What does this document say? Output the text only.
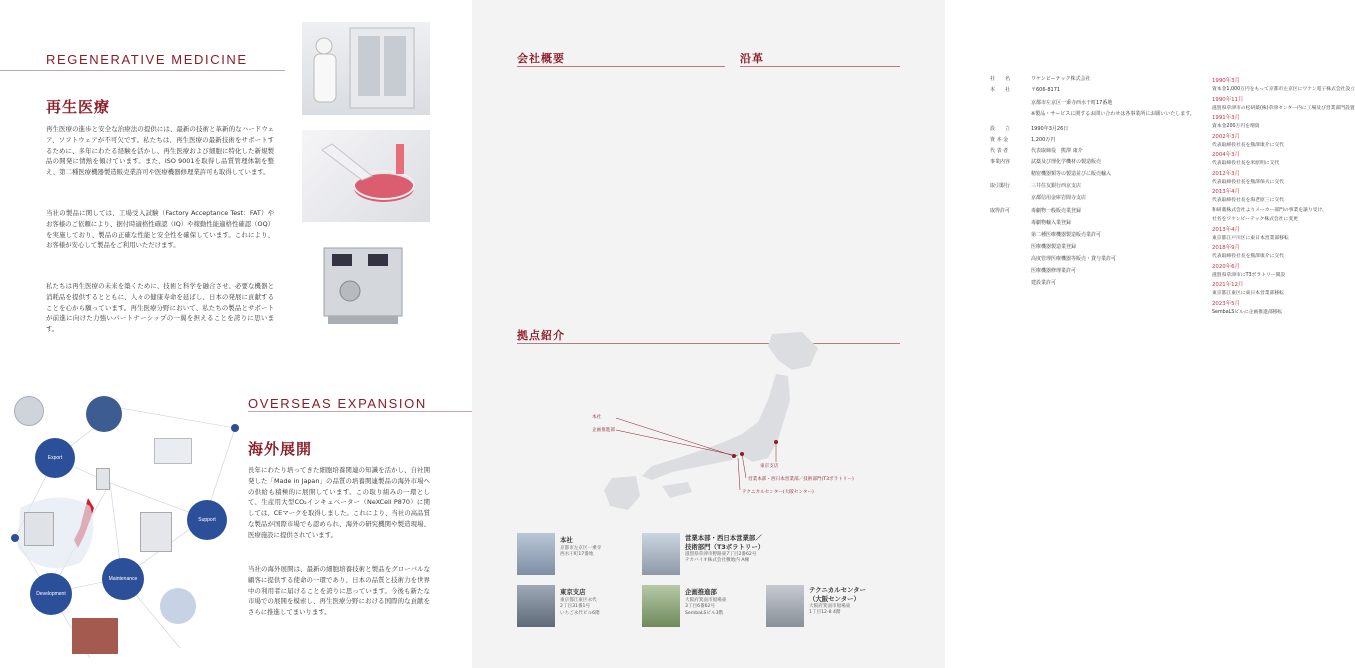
REGENERATIVE MEDICINE
再生医療
再生医療の進歩と安全な治療法の提供には、最新の技術と革新的なハードウェア、ソフトウェアが不可欠です。私たちは、再生医療の最新技術をサポートするために、多年にわたる経験を活かし、再生医療および細胞に特化した新規製品の開発に情熱を傾けています。また、ISO 9001を取得し品質管理体制を整え、第二種医療機器製造販売業許可や医療機器修理業許可も取得しています。
当社の製品に関しては、工場受入試験（Factory Acceptance Test：FAT）やお客様のご依頼により、据付時適格性確認（IQ）や稼動性能適格性確認（OQ）を実施しており、製品の正確な性能と安全性を確保しています。これにより、お客様が安心して製品をご利用いただけます。
私たちは再生医療の未来を築くために、技術と科学を融合させ、必要な機器と消耗品を提供するとともに、人々の健康寿命を延ばし、日本の発展に貢献することを心から願っています。再生医療分野において、私たちの製品とサポートが前進に向けた力強いパートナーシップの一翼を担えることを誇りに思います。
OVERSEAS EXPANSION
海外展開
長年にわたり培ってきた細胞培養関連の知識を活かし、自社開発した「Made in Japan」の品質の培養関連製品の海外市場への供給も積極的に展開しています。この取り組みの一環として、生産用大型CO₂インキュベーター（NeXCell P870）に関しては、CEマークを取得しました。これにより、当社の高品質な製品が国際市場でも認められ、海外の研究機関や製造現場、医療施設に提供されています。
当社の海外展開は、最新の細胞培養技術と製品をグローバルな顧客に提供する使命の一環であり、日本の品質と技術力を世界中の利用者に届けることを誇りに思っています。今後も新たな市場での展開を模索し、再生医療分野における国際的な貢献をさらに推進してまいります。
Export
Support
Maintenance
Development
会社概要
社　　名	ワケンビーテック株式会社
本　　社	〒606-8171
京都市左京区一乗寺西水干町17番地
※製品・サービスに関するお問い合わせは各事業所にお願いいたします。
設　　立	1990年3月26日
資 本 金	1,200万円
代 表 者	代表取締役　熊澤 康介
事業内容	試薬及び理化学機材の製造販売
精密機器類等の製造並びに販売輸入
取引銀行	三井住友銀行西京支店
京都信用金庫岩間寺支店
取得許可	毒劇物一般販売業登録
毒劇物輸入業登録
第二種医療機器製造販売業許可
医療機器製造業登録
高度管理医療機器等販売・貸与業許可
医療機器修理業許可
建設業許可
沿革
1990年3月
資本金1,000万円をもって京都市左京区にワケン電子株式会社設立
1990年11月
滋賀県草津市の松研薬(株)草津センター内に工場及び営業部門設置
1991年3月
資本金200万円を増資
2002年3月
代表取締役社長を熊澤康介に交代
2004年3月
代表取締役社長を米原明に交代
2012年3月
代表取締役社長を熊澤保夫に交代
2013年4月
代表取締役社長を海老原三に交代
和研薬株式会社よりメーカー部門の事業を譲り受け、
社名をワケンビーテック株式会社に変更
2013年4月
東京都江戸川区に東日本営業部移転
2018年9月
代表取締役社長を熊澤康介に交代
2020年6月
滋賀県草津市にT3ボラトリー開設
2021年12月
東京都江東区に東日本営業部移転
2023年5月
SembaLSビルに企画推進部移転
拠点紹介
本社
企画推進部
東京支店
営業本部・西日本営業部／技術部門(T3ボラトリー)
テクニカルセンター(大阪センター)
本社
京都市左京区一乗寺
西水干町17番地
営業本部・西日本営業部／
技術部門（T3ボラトリー）
滋賀県草津市野路東7丁目2番62号
テカバイオ株式会社敷地内 A棟
東京支店
東京都江東区永代
2丁目31番1号
いちご永代ビル6階
企画推進部
大阪府箕面市船場東
3丁目6番62号
SembaLSビル3階
テクニカルセンター
（大阪センター）
大阪府箕面市船場東
1丁目12-8 4階
